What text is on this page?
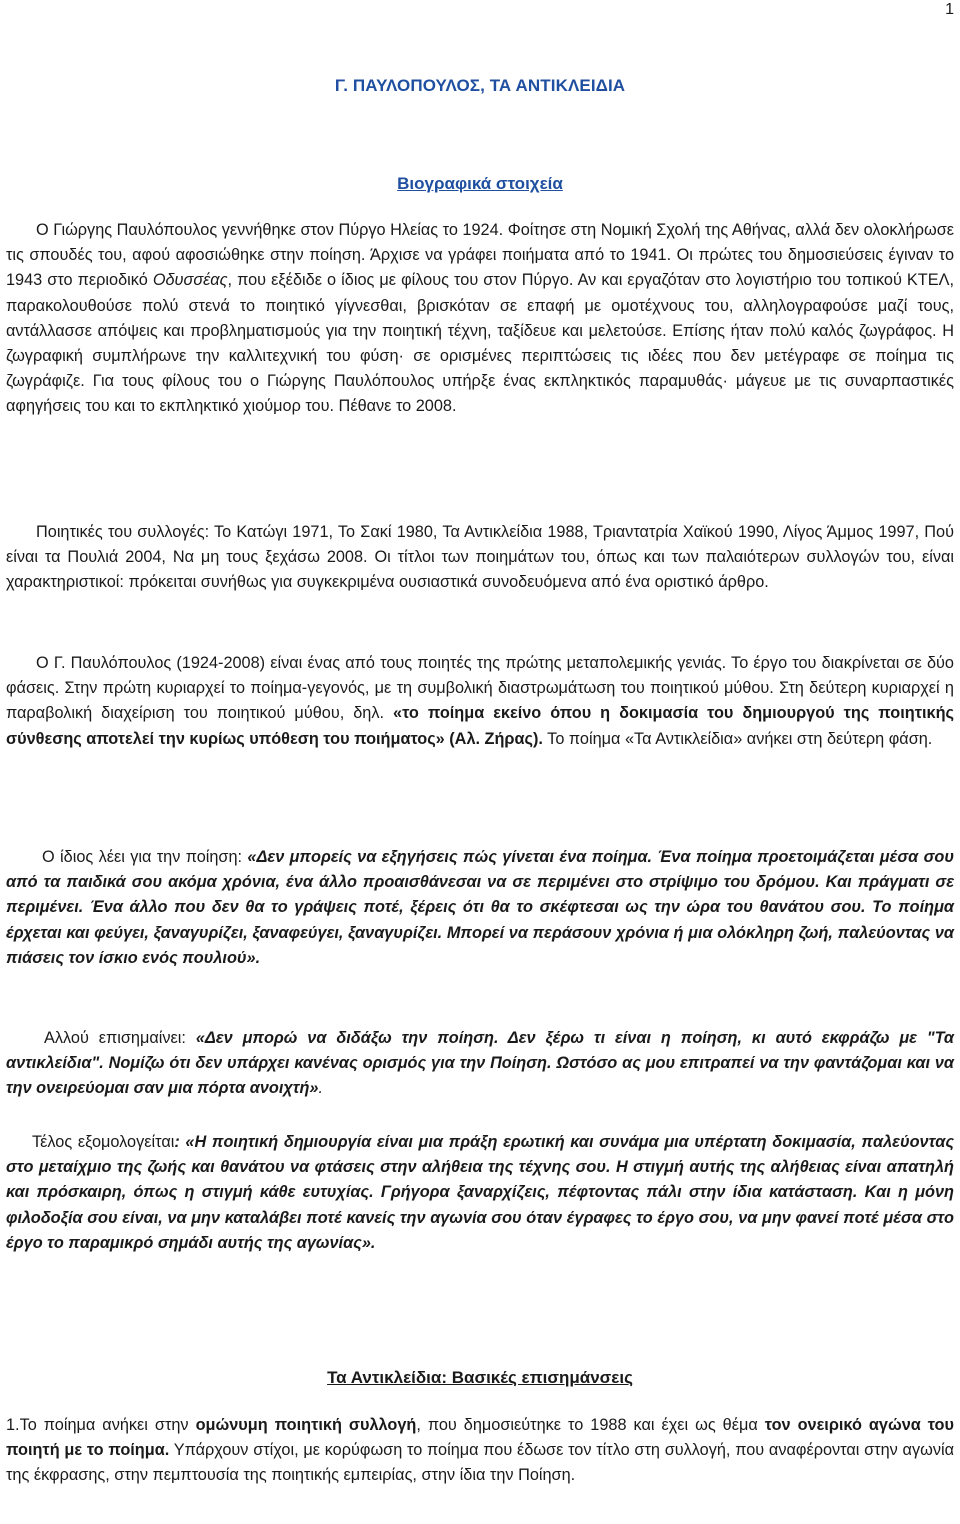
1
Γ. ΠΑΥΛΟΠΟΥΛΟΣ, ΤΑ ΑΝΤΙΚΛΕΙΔΙΑ
Βιογραφικά στοιχεία

Ο Γιώργης Παυλόπουλος γεννήθηκε στον Πύργο Ηλείας το 1924. Φοίτησε στη Νομική Σχολή της Αθήνας, αλλά δεν ολοκλήρωσε τις σπουδές του, αφού αφοσιώθηκε στην ποίηση. Άρχισε να γράφει ποιήματα από το 1941. Οι πρώτες του δημοσιεύσεις έγιναν το 1943 στο περιοδικό Οδυσσέας, που εξέδιδε ο ίδιος με φίλους του στον Πύργο. Αν και εργαζόταν στο λογιστήριο του τοπικού ΚΤΕΛ, παρακολουθούσε πολύ στενά το ποιητικό γίγνεσθαι, βρισκόταν σε επαφή με ομοτέχνους του, αλληλογραφούσε μαζί τους, αντάλλασσε απόψεις και προβληματισμούς για την ποιητική τέχνη, ταξίδευε και μελετούσε. Επίσης ήταν πολύ καλός ζωγράφος. Η ζωγραφική συμπλήρωνε την καλλιτεχνική του φύση· σε ορισμένες περιπτώσεις τις ιδέες που δεν μετέγραφε σε ποίημα τις ζωγράφιζε. Για τους φίλους του ο Γιώργης Παυλόπουλος υπήρξε ένας εκπληκτικός παραμυθάς· μάγευε με τις συναρπαστικές αφηγήσεις του και το εκπληκτικό χιούμορ του. Πέθανε το 2008.

Ποιητικές του συλλογές: Το Κατώγι 1971, Το Σακί 1980, Τα Αντικλείδια 1988, Τριαντατρία Χαϊκού 1990, Λίγος Άμμος 1997, Πού είναι τα Πουλιά 2004, Να μη τους ξεχάσω 2008. Οι τίτλοι των ποιημάτων του, όπως και των παλαιότερων συλλογών του, είναι χαρακτηριστικοί: πρόκειται συνήθως για συγκεκριμένα ουσιαστικά συνοδευόμενα από ένα οριστικό άρθρο.

Ο Γ. Παυλόπουλος (1924-2008) είναι ένας από τους ποιητές της πρώτης μεταπολεμικής γενιάς. Το έργο του διακρίνεται σε δύο φάσεις. Στην πρώτη κυριαρχεί το ποίημα-γεγονός, με τη συμβολική διαστρωμάτωση του ποιητικού μύθου. Στη δεύτερη κυριαρχεί η παραβολική διαχείριση του ποιητικού μύθου, δηλ. «το ποίημα εκείνο όπου η δοκιμασία του δημιουργού της ποιητικής σύνθεσης αποτελεί την κυρίως υπόθεση του ποιήματος» (Αλ. Ζήρας). Το ποίημα «Τα Αντικλείδια» ανήκει στη δεύτερη φάση.

Ο ίδιος λέει για την ποίηση: «Δεν μπορείς να εξηγήσεις πώς γίνεται ένα ποίημα. Ένα ποίημα προετοιμάζεται μέσα σου από τα παιδικά σου ακόμα χρόνια, ένα άλλο προαισθάνεσαι να σε περιμένει στο στρίψιμο του δρόμου. Και πράγματι σε περιμένει. Ένα άλλο που δεν θα το γράψεις ποτέ, ξέρεις ότι θα το σκέφτεσαι ως την ώρα του θανάτου σου. Το ποίημα έρχεται και φεύγει, ξαναγυρίζει, ξαναφεύγει, ξαναγυρίζει. Μπορεί να περάσουν χρόνια ή μια ολόκληρη ζωή, παλεύοντας να πιάσεις τον ίσκιο ενός πουλιού».

Αλλού επισημαίνει: «Δεν μπορώ να διδάξω την ποίηση. Δεν ξέρω τι είναι η ποίηση, κι αυτό εκφράζω με "Τα αντικλείδια". Νομίζω ότι δεν υπάρχει κανένας ορισμός για την Ποίηση. Ωστόσο ας μου επιτραπεί να την φαντάζομαι και να την ονειρεύομαι σαν μια πόρτα ανοιχτή».

Τέλος εξομολογείται: «Η ποιητική δημιουργία είναι μια πράξη ερωτική και συνάμα μια υπέρτατη δοκιμασία, παλεύοντας στο μεταίχμιο της ζωής και θανάτου να φτάσεις στην αλήθεια της τέχνης σου. Η στιγμή αυτής της αλήθειας είναι απατηλή και πρόσκαιρη, όπως η στιγμή κάθε ευτυχίας. Γρήγορα ξαναρχίζεις, πέφτοντας πάλι στην ίδια κατάσταση. Και η μόνη φιλοδοξία σου είναι, να μην καταλάβει ποτέ κανείς την αγωνία σου όταν έγραφες το έργο σου, να μην φανεί ποτέ μέσα στο έργο το παραμικρό σημάδι αυτής της αγωνίας».

Τα Αντικλείδια: Βασικές επισημάνσεις

1.Το ποίημα ανήκει στην ομώνυμη ποιητική συλλογή, που δημοσιεύτηκε το 1988 και έχει ως θέμα τον ονειρικό αγώνα του ποιητή με το ποίημα. Υπάρχουν στίχοι, με κορύφωση το ποίημα που έδωσε τον τίτλο στη συλλογή, που αναφέρονται στην αγωνία της έκφρασης, στην πεμπτουσία της ποιητικής εμπειρίας, στην ίδια την Ποίηση.
